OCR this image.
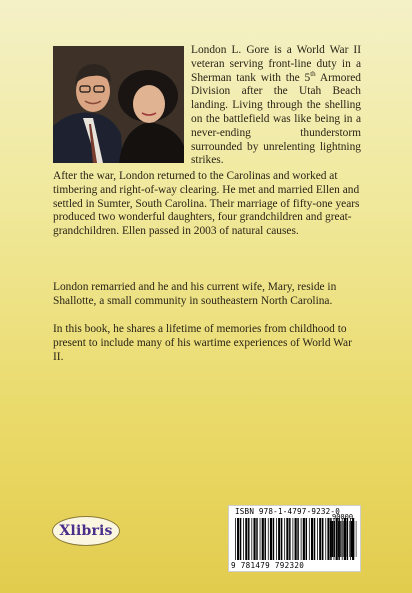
London L. Gore is a World War II veteran serving front-line duty in a Sherman tank with the 5th Armored Division after the Utah Beach landing. Living through the shelling on the battlefield was like being in a never-ending thunderstorm surrounded by unrelenting lightning strikes.

After the war, London returned to the Carolinas and worked at timbering and right-of-way clearing. He met and married Ellen and settled in Sumter, South Carolina. Their marriage of fifty-one years produced two wonderful daughters, four grandchildren and great-grandchildren. Ellen passed in 2003 of natural causes.

London remarried and he and his current wife, Mary, reside in Shallotte, a small community in southeastern North Carolina.

In this book, he shares a lifetime of memories from childhood to present to include many of his wartime experiences of World War II.

Xlibris
ISBN 978-1-4797-9232-0
90000
9 781479 792320
